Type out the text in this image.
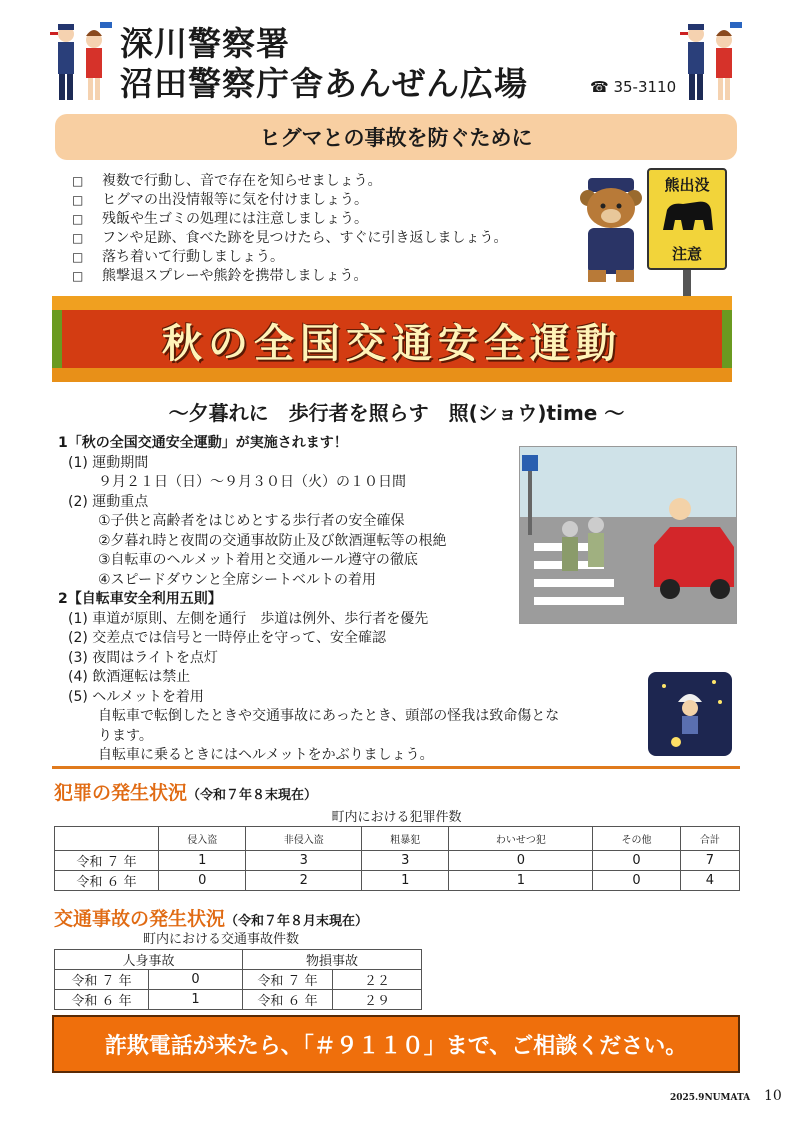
深川警察署
沼田警察庁舎あんぜん広場	☎ 35-3110
ヒグマとの事故を防ぐために
□	複数で行動し、音で存在を知らせましょう。
□	ヒグマの出没情報等に気を付けましょう。
□	残飯や生ゴミの処理には注意しましょう。
□	フンや足跡、食べた跡を見つけたら、すぐに引き返しましょう。
□	落ち着いて行動しましょう。
□	熊撃退スプレーや熊鈴を携帯しましょう。
熊出没
注意
秋の全国交通安全運動
～夕暮れに　歩行者を照らす　照(ショウ)time ～
1「秋の全国交通安全運動」が実施されます！
(1) 運動期間
９月２１日（日）～９月３０日（火）の１０日間
(2) 運動重点
①子供と高齢者をはじめとする歩行者の安全確保
②夕暮れ時と夜間の交通事故防止及び飲酒運転等の根絶
③自転車のヘルメット着用と交通ルール遵守の徹底
④スピードダウンと全席シートベルトの着用
2【自転車安全利用五則】
(1) 車道が原則、左側を通行　歩道は例外、歩行者を優先
(2) 交差点では信号と一時停止を守って、安全確認
(3) 夜間はライトを点灯
(4) 飲酒運転は禁止
(5) ヘルメットを着用
自転車で転倒したときや交通事故にあったとき、頭部の怪我は致命傷とな
ります。
自転車に乗るときにはヘルメットをかぶりましょう。
犯罪の発生状況（令和７年８末現在）
町内における犯罪件数
	侵入盗	非侵入盗	粗暴犯	わいせつ犯	その他	合計
令和 ７ 年	1	3	3	0	0	7
令和 ６ 年	0	2	1	1	0	4
交通事故の発生状況（令和７年８月末現在）
町内における交通事故件数
人身事故		物損事故	
令和 ７ 年	0	令和 ７ 年	２２
令和 ６ 年	1	令和 ６ 年	２９
詐欺電話が来たら、「＃９１１０」まで、ご相談ください。
2025.9NUMATA 10
